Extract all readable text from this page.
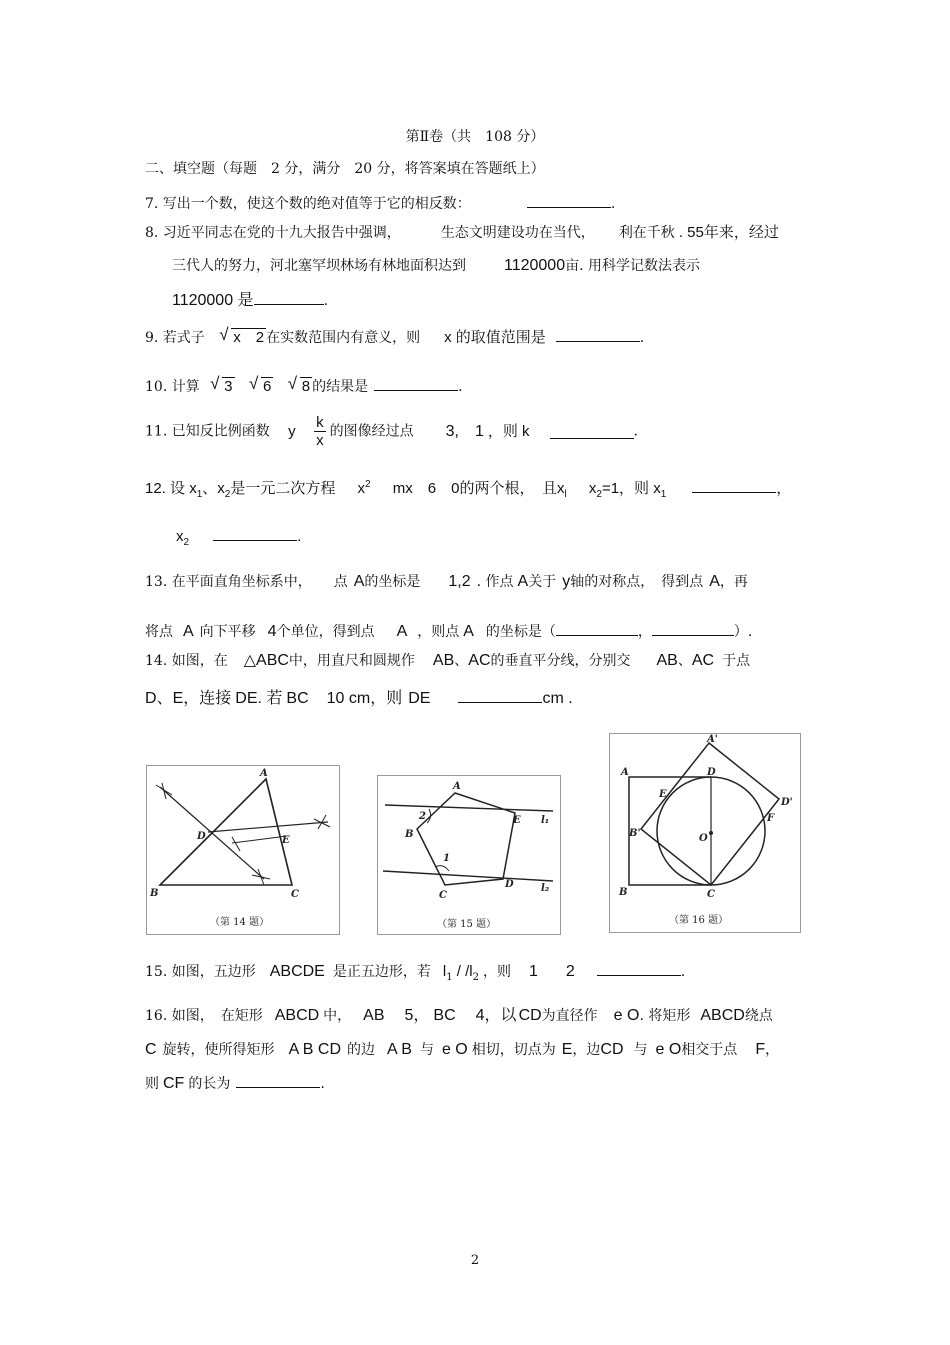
第Ⅱ卷（共　108 分）
二、填空题（每题　2 分，满分　20 分，将答案填在答题纸上）
7. 写出一个数，使这个数的绝对值等于它的相反数：	.
8. 习近平同志在党的十九大报告中强调，	生态文明建设功在当代， 利在千秋 . 55年来，经过
三代人的努力，河北塞罕坝林场有林地面积达到 1120000亩. 用科学记数法表示
1120000 是	.
9. 若式子 √ x　2 在实数范围内有意义，则 x 的取值范围是	.
10. 计算 √ 3 √ 6 √ 8 的结果是	.
11. 已知反比例函数 y $\frac{k}{x}$ 的图像经过点 3,　1 ，则 k	.
12. 设 $x_1$、$x_2$是一元二次方程 $x^2$ mx　6　0的两个根，　且$x_l$ $x_2=1$，则 $x_1$	，
$x_2$	.
13. 在平面直角坐标系中， 点 A的坐标是 1,2 . 作点 A关于 y轴的对称点，　得到点 A，再
将点 A 向下平移 4个单位，得到点 A ，则点 A 的坐标是（	，	）.
14. 如图，在 △ABC中，用直尺和圆规作 AB、AC的垂直平分线，分别交 AB、AC 于点
D、E，连接 DE. 若 BC 10 cm，则 DE	cm .
A
B	C
D	E
（第 14 题）
A
B
C
D
E l₁
l₂
1
2
（第 15 题）
A
A'
B
B'
C
D
D'
E
F
O
（第 16 题）
15. 如图，五边形 ABCDE 是正五边形，若 $l_1 / /l_2$ ，则 1 2	.
16. 如图，　在矩形 ABCD 中， AB 5， BC 4，以 CD为直径作 e O. 将矩形 ABCD绕点
C 旋转，使所得矩形 A B CD 的边 A B 与 e O 相切，切点为 E，边CD 与 e O相交于点 F，
则 CF 的长为	.
2
